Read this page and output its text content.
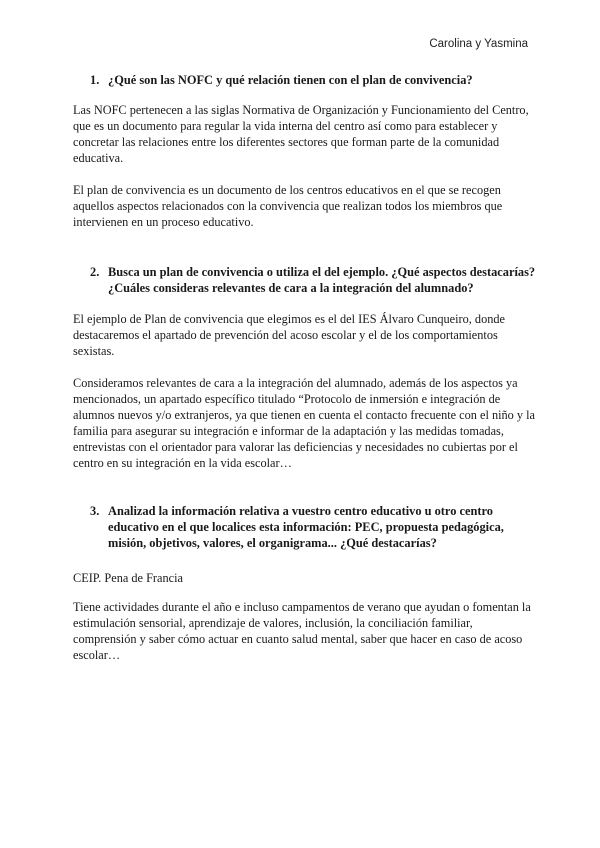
Carolina y Yasmina
1. ¿Qué son las NOFC y qué relación tienen con el plan de convivencia?

Las NOFC pertenecen a las siglas Normativa de Organización y Funcionamiento del Centro,
que es un documento para regular la vida interna del centro así como para establecer y
concretar las relaciones entre los diferentes sectores que forman parte de la comunidad
educativa.

El plan de convivencia es un documento de los centros educativos en el que se recogen
aquellos aspectos relacionados con la convivencia que realizan todos los miembros que
intervienen en un proceso educativo.

2. Busca un plan de convivencia o utiliza el del ejemplo. ¿Qué aspectos destacarías?
¿Cuáles consideras relevantes de cara a la integración del alumnado?

El ejemplo de Plan de convivencia que elegimos es el del IES Álvaro Cunqueiro, donde
destacaremos el apartado de prevención del acoso escolar y el de los comportamientos
sexistas.

Consideramos relevantes de cara a la integración del alumnado, además de los aspectos ya
mencionados, un apartado específico titulado “Protocolo de inmersión e integración de
alumnos nuevos y/o extranjeros, ya que tienen en cuenta el contacto frecuente con el niño y la
familia para asegurar su integración e informar de la adaptación y las medidas tomadas,
entrevistas con el orientador para valorar las deficiencias y necesidades no cubiertas por el
centro en su integración en la vida escolar…

3. Analizad la información relativa a vuestro centro educativo u otro centro
educativo en el que localices esta información: PEC, propuesta pedagógica,
misión, objetivos, valores, el organigrama... ¿Qué destacarías?

CEIP. Pena de Francia

Tiene actividades durante el año e incluso campamentos de verano que ayudan o fomentan la
estimulación sensorial, aprendizaje de valores, inclusión, la conciliación familiar,
comprensión y saber cómo actuar en cuanto salud mental, saber que hacer en caso de acoso
escolar…
